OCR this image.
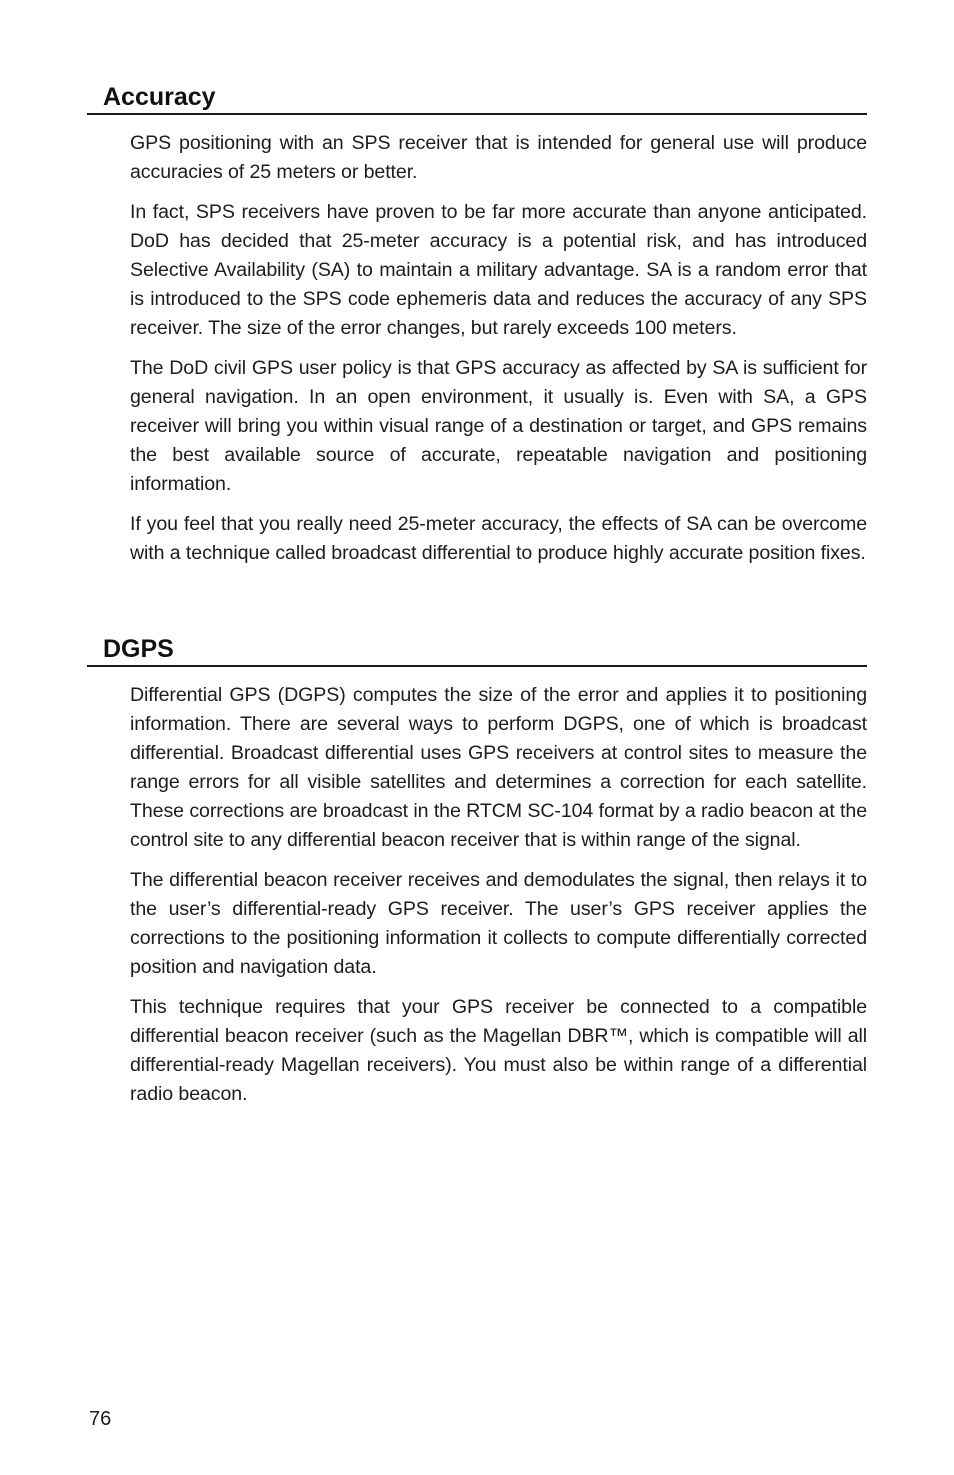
Accuracy

GPS positioning with an SPS receiver that is intended for general use will produce accuracies of 25 meters or better.

In fact, SPS receivers have proven to be far more accurate than anyone anticipated. DoD has decided that 25-meter accuracy is a potential risk, and has introduced Selective Availability (SA) to maintain a military advantage. SA is a random error that is introduced to the SPS code ephemeris data and reduces the accuracy of any SPS receiver. The size of the error changes, but rarely exceeds 100 meters.

The DoD civil GPS user policy is that GPS accuracy as affected by SA is sufficient for general navigation. In an open environment, it usually is. Even with SA, a GPS receiver will bring you within visual range of a destination or target, and GPS remains the best available source of accurate, repeatable navigation and positioning information.

If you feel that you really need 25-meter accuracy, the effects of SA can be overcome with a technique called broadcast differential to produce highly accurate position fixes.

DGPS

Differential GPS (DGPS) computes the size of the error and applies it to positioning information. There are several ways to perform DGPS, one of which is broadcast differential. Broadcast differential uses GPS receivers at control sites to measure the range errors for all visible satellites and determines a correction for each satellite. These corrections are broadcast in the RTCM SC-104 format by a radio beacon at the control site to any differential beacon receiver that is within range of the signal.

The differential beacon receiver receives and demodulates the signal, then relays it to the user’s differential-ready GPS receiver. The user’s GPS receiver applies the corrections to the positioning information it collects to compute differentially corrected position and navigation data.

This technique requires that your GPS receiver be connected to a compatible differential beacon receiver (such as the Magellan DBR™, which is compatible will all differential-ready Magellan receivers). You must also be within range of a differential radio beacon.

76
